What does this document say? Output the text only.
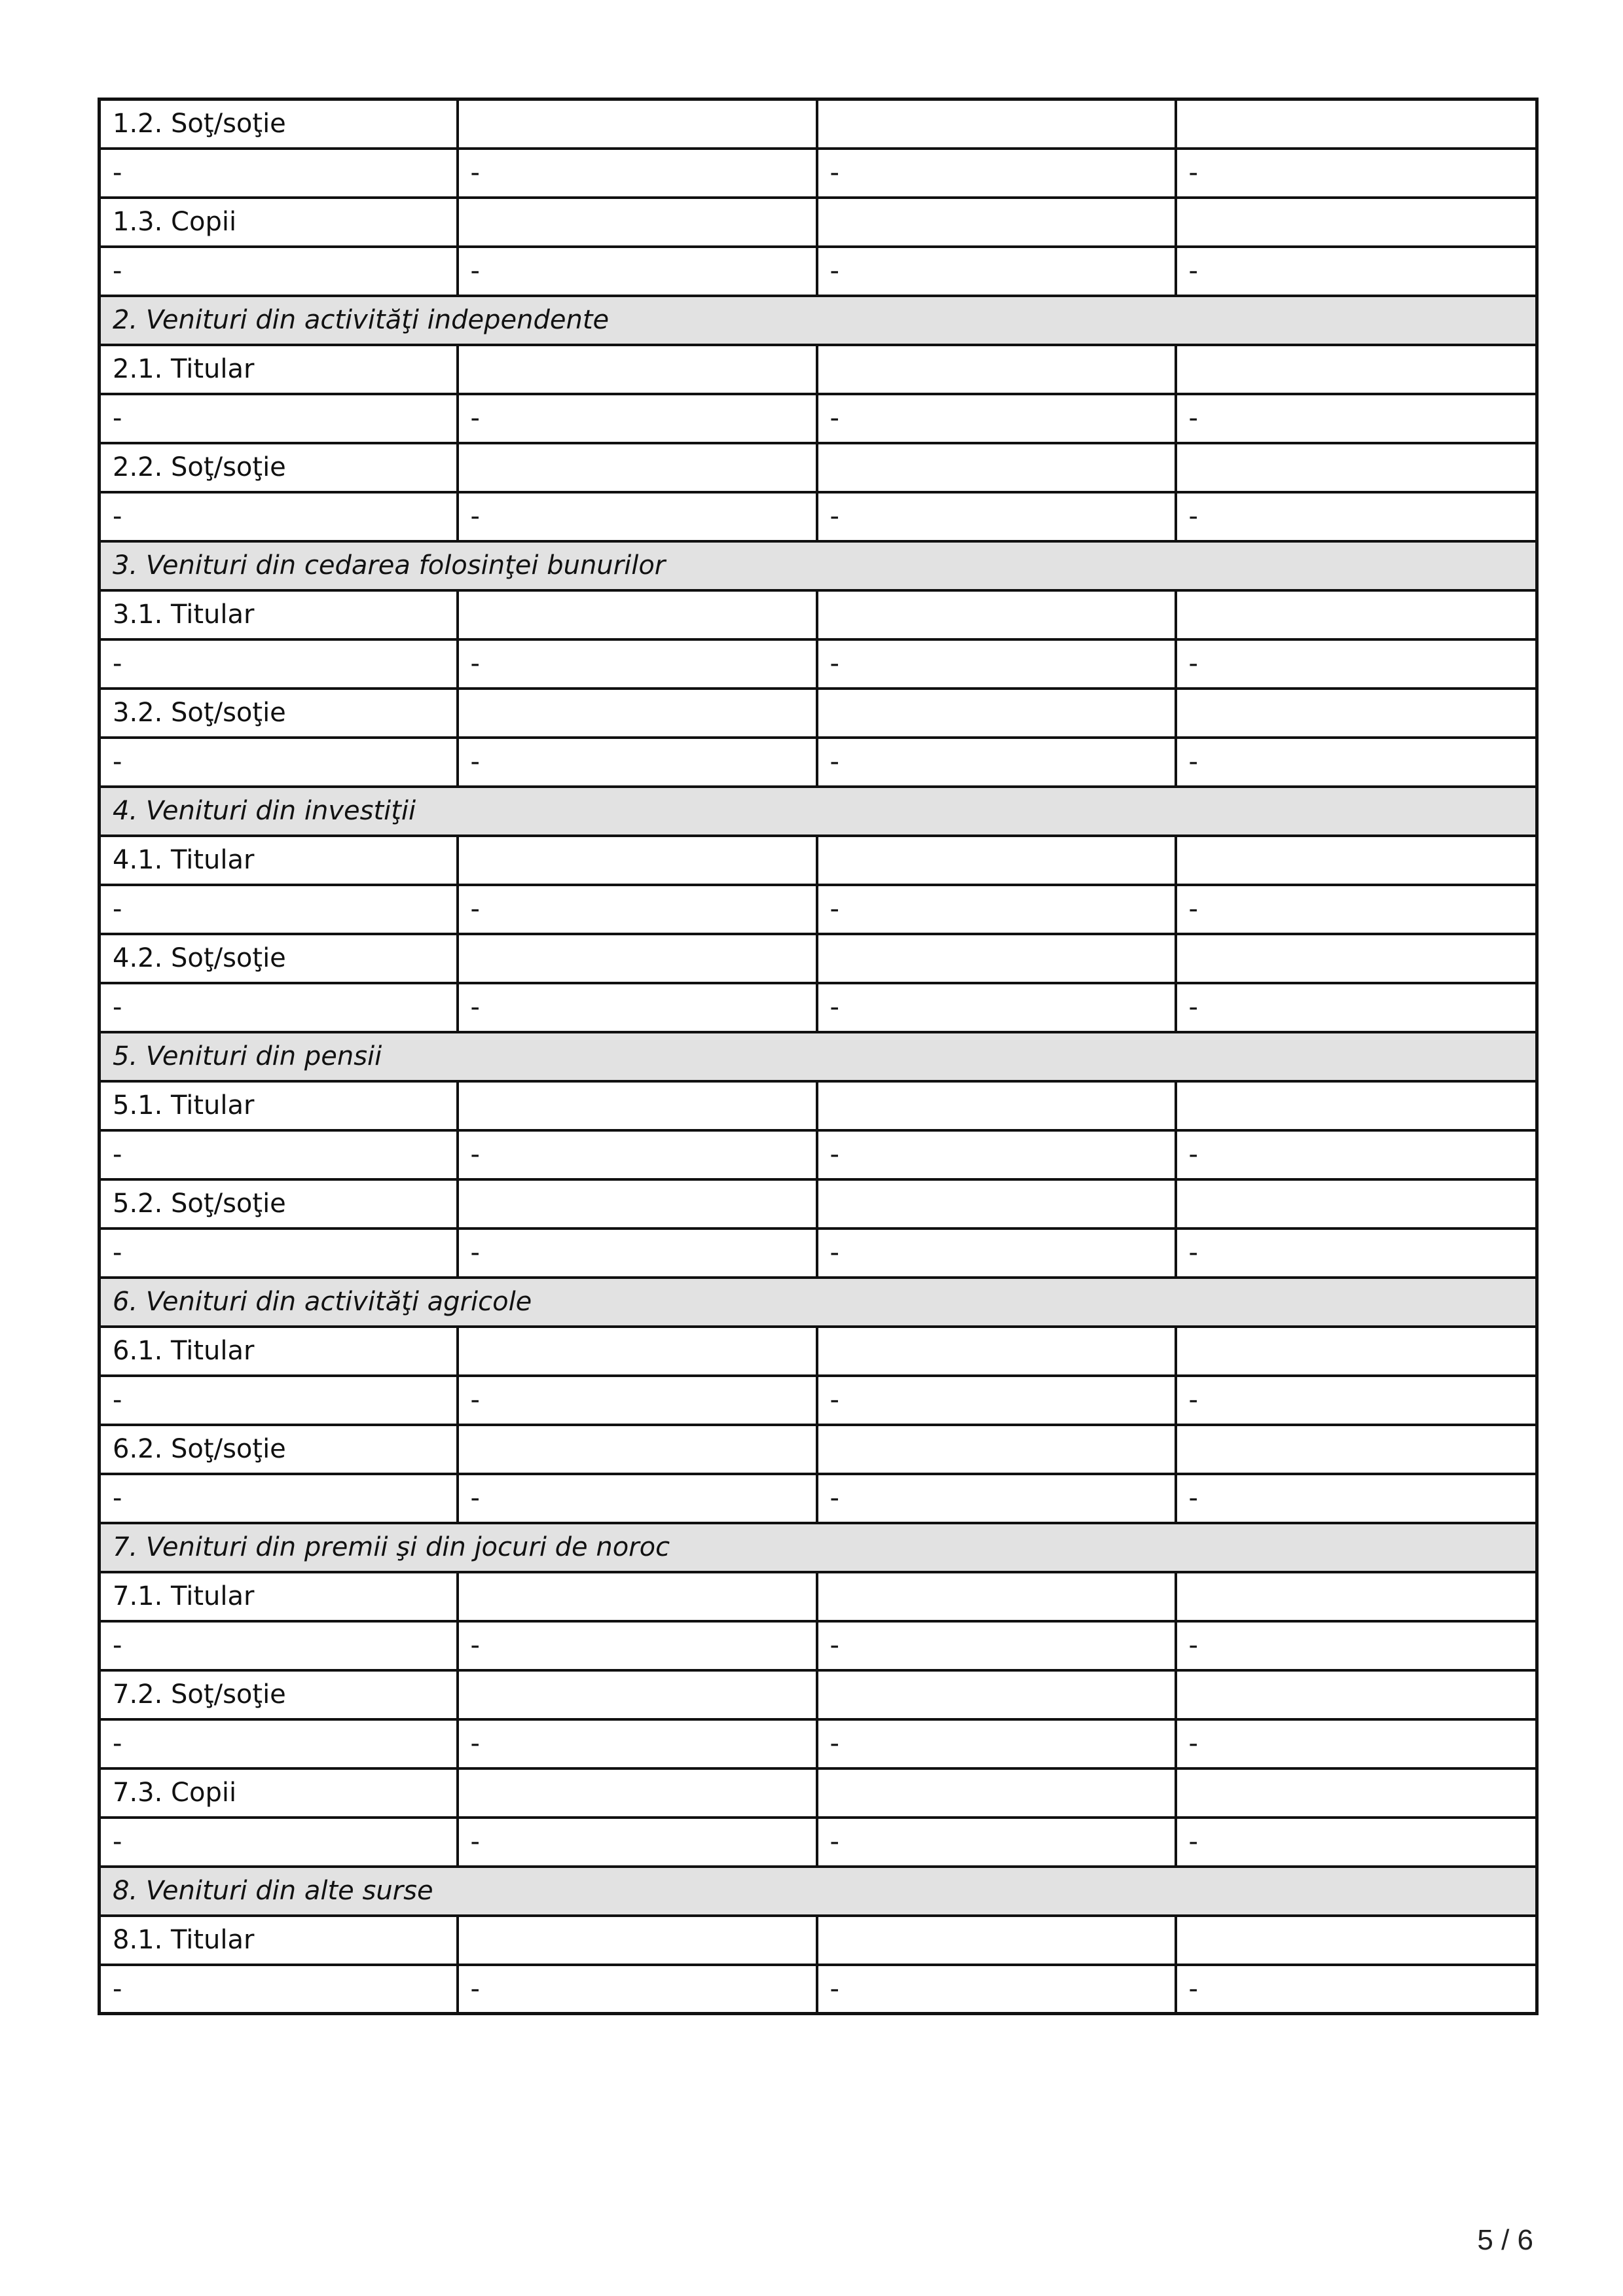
1.2. Soţ/soţie			
-	-	-	-
1.3. Copii			
-	-	-	-
2. Venituri din activităţi independente			
2.1. Titular			
-	-	-	-
2.2. Soţ/soţie			
-	-	-	-
3. Venituri din cedarea folosinţei bunurilor			
3.1. Titular			
-	-	-	-
3.2. Soţ/soţie			
-	-	-	-
4. Venituri din investiţii			
4.1. Titular			
-	-	-	-
4.2. Soţ/soţie			
-	-	-	-
5. Venituri din pensii			
5.1. Titular			
-	-	-	-
5.2. Soţ/soţie			
-	-	-	-
6. Venituri din activităţi agricole			
6.1. Titular			
-	-	-	-
6.2. Soţ/soţie			
-	-	-	-
7. Venituri din premii şi din jocuri de noroc			
7.1. Titular			
-	-	-	-
7.2. Soţ/soţie			
-	-	-	-
7.3. Copii			
-	-	-	-
8. Venituri din alte surse			
8.1. Titular			
-	-	-	-
5 / 6
